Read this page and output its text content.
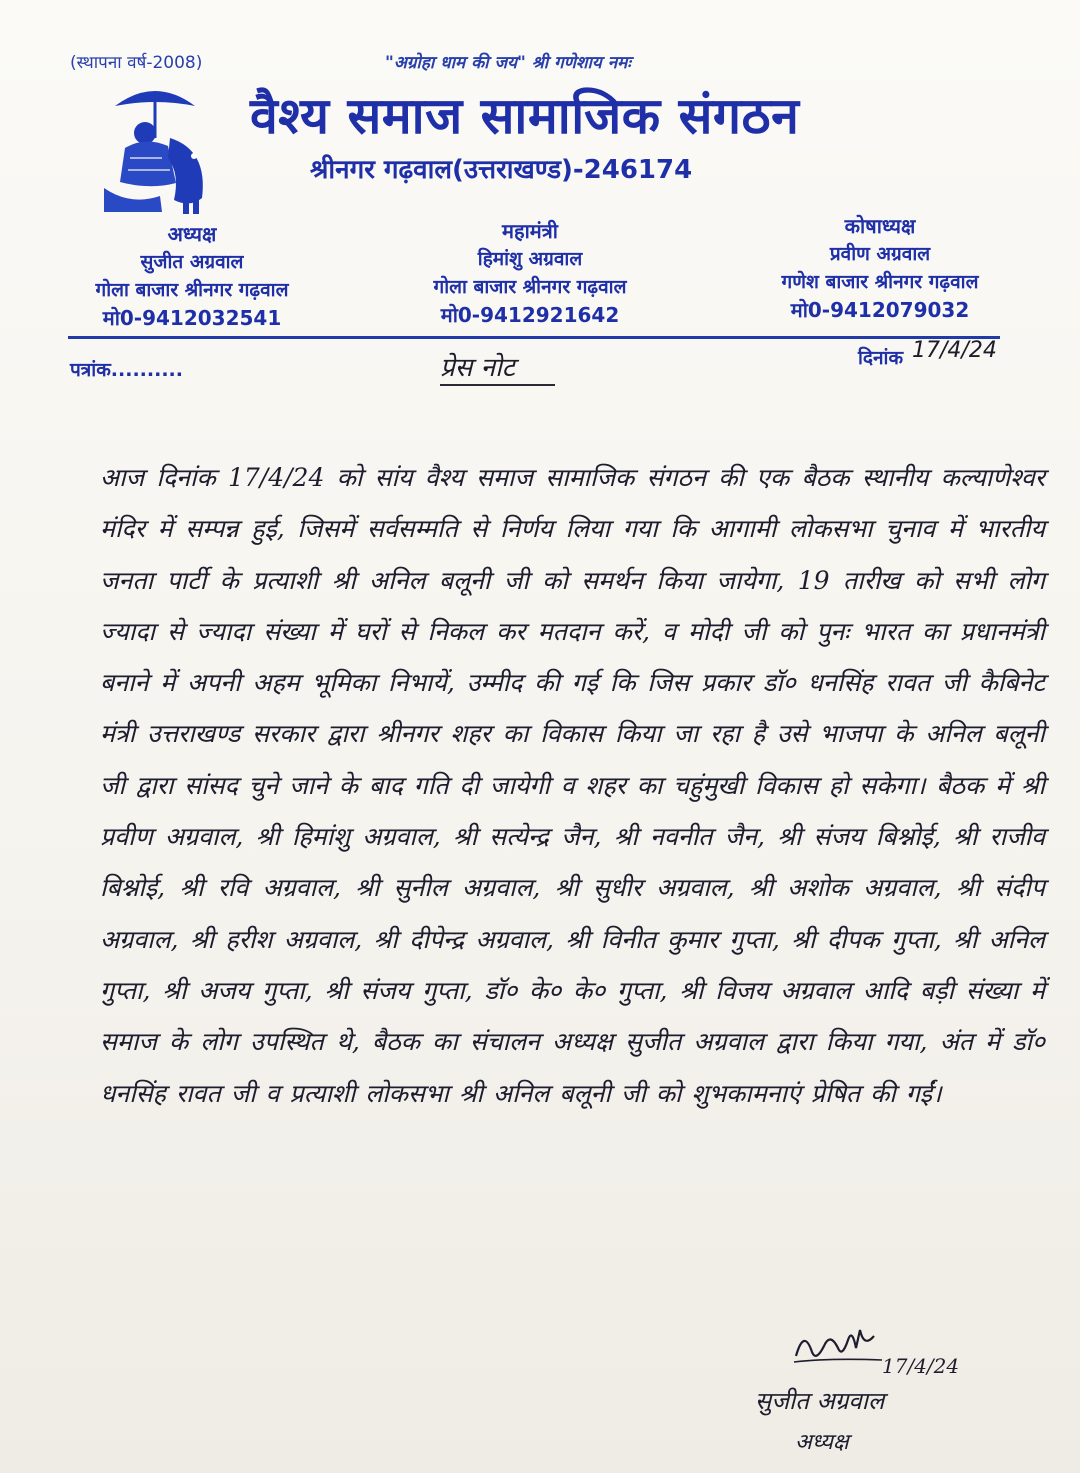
(स्थापना वर्ष-2008)	"अग्रोहा धाम की जय" श्री गणेशाय नमः
वैश्य समाज सामाजिक संगठन
श्रीनगर गढ़वाल(उत्तराखण्ड)-246174
अध्यक्ष
सुजीत अग्रवाल
गोला बाजार श्रीनगर गढ़वाल
मो0-9412032541
महामंत्री
हिमांशु अग्रवाल
गोला बाजार श्रीनगर गढ़वाल
मो0-9412921642
कोषाध्यक्ष
प्रवीण अग्रवाल
गणेश बाजार श्रीनगर गढ़वाल
मो0-9412079032
पत्रांक..........	प्रेस नोट	दिनांक 17/4/24
आज दिनांक 17/4/24 को सांय वैश्य समाज सामाजिक संगठन की एक बैठक स्थानीय कल्याणेश्वर मंदिर में सम्पन्न हुई, जिसमें सर्वसम्मति से निर्णय लिया गया कि आगामी लोकसभा चुनाव में भारतीय जनता पार्टी के प्रत्याशी श्री अनिल बलूनी जी को समर्थन किया जायेगा, 19 तारीख को सभी लोग ज्यादा से ज्यादा संख्या में घरों से निकल कर मतदान करें, व मोदी जी को पुनः भारत का प्रधानमंत्री बनाने में अपनी अहम भूमिका निभायें, उम्मीद की गई कि जिस प्रकार डॉ० धनसिंह रावत जी कैबिनेट मंत्री उत्तराखण्ड सरकार द्वारा श्रीनगर शहर का विकास किया जा रहा है उसे भाजपा के अनिल बलूनी जी द्वारा सांसद चुने जाने के बाद गति दी जायेगी व शहर का चहुंमुखी विकास हो सकेगा। बैठक में श्री प्रवीण अग्रवाल, श्री हिमांशु अग्रवाल, श्री सत्येन्द्र जैन, श्री नवनीत जैन, श्री संजय बिश्नोई, श्री राजीव बिश्नोई, श्री रवि अग्रवाल, श्री सुनील अग्रवाल, श्री सुधीर अग्रवाल, श्री अशोक अग्रवाल, श्री संदीप अग्रवाल, श्री हरीश अग्रवाल, श्री दीपेन्द्र अग्रवाल, श्री विनीत कुमार गुप्ता, श्री दीपक गुप्ता, श्री अनिल गुप्ता, श्री अजय गुप्ता, श्री संजय गुप्ता, डॉ० के० के० गुप्ता, श्री विजय अग्रवाल आदि बड़ी संख्या में समाज के लोग उपस्थित थे, बैठक का संचालन अध्यक्ष सुजीत अग्रवाल द्वारा किया गया, अंत में डॉ० धनसिंह रावत जी व प्रत्याशी लोकसभा श्री अनिल बलूनी जी को शुभकामनाएं प्रेषित की गईं।
17/4/24
सुजीत अग्रवाल
अध्यक्ष
